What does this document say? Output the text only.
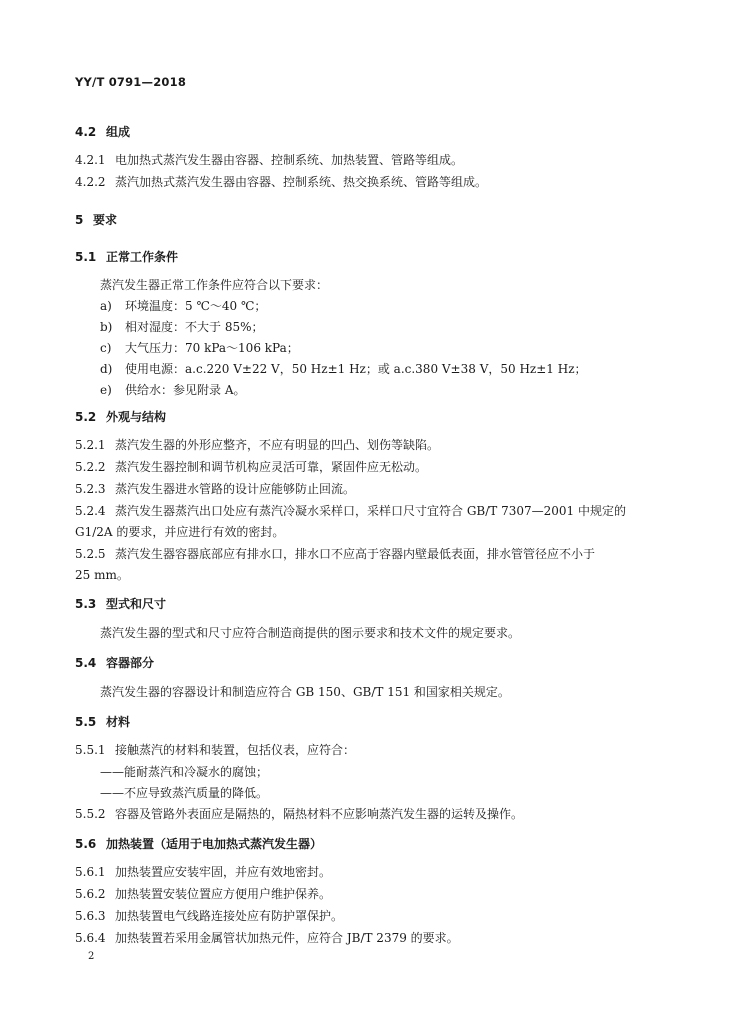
YY/T 0791—2018
4.2 组成
4.2.1 电加热式蒸汽发生器由容器、控制系统、加热装置、管路等组成。
4.2.2 蒸汽加热式蒸汽发生器由容器、控制系统、热交换系统、管路等组成。
5 要求
5.1 正常工作条件
蒸汽发生器正常工作条件应符合以下要求：
a) 环境温度：5 ℃～40 ℃；
b) 相对湿度：不大于 85%；
c) 大气压力：70 kPa～106 kPa；
d) 使用电源：a.c.220 V±22 V，50 Hz±1 Hz；或 a.c.380 V±38 V，50 Hz±1 Hz；
e) 供给水：参见附录 A。
5.2 外观与结构
5.2.1 蒸汽发生器的外形应整齐，不应有明显的凹凸、划伤等缺陷。
5.2.2 蒸汽发生器控制和调节机构应灵活可靠，紧固件应无松动。
5.2.3 蒸汽发生器进水管路的设计应能够防止回流。
5.2.4 蒸汽发生器蒸汽出口处应有蒸汽冷凝水采样口，采样口尺寸宜符合 GB/T 7307—2001 中规定的
G1/2A 的要求，并应进行有效的密封。
5.2.5 蒸汽发生器容器底部应有排水口，排水口不应高于容器内壁最低表面，排水管管径应不小于
25 mm。
5.3 型式和尺寸
蒸汽发生器的型式和尺寸应符合制造商提供的图示要求和技术文件的规定要求。
5.4 容器部分
蒸汽发生器的容器设计和制造应符合 GB 150、GB/T 151 和国家相关规定。
5.5 材料
5.5.1 接触蒸汽的材料和装置，包括仪表，应符合：
——能耐蒸汽和冷凝水的腐蚀；
——不应导致蒸汽质量的降低。
5.5.2 容器及管路外表面应是隔热的，隔热材料不应影响蒸汽发生器的运转及操作。
5.6 加热装置（适用于电加热式蒸汽发生器）
5.6.1 加热装置应安装牢固，并应有效地密封。
5.6.2 加热装置安装位置应方便用户维护保养。
5.6.3 加热装置电气线路连接处应有防护罩保护。
5.6.4 加热装置若采用金属管状加热元件，应符合 JB/T 2379 的要求。
2
